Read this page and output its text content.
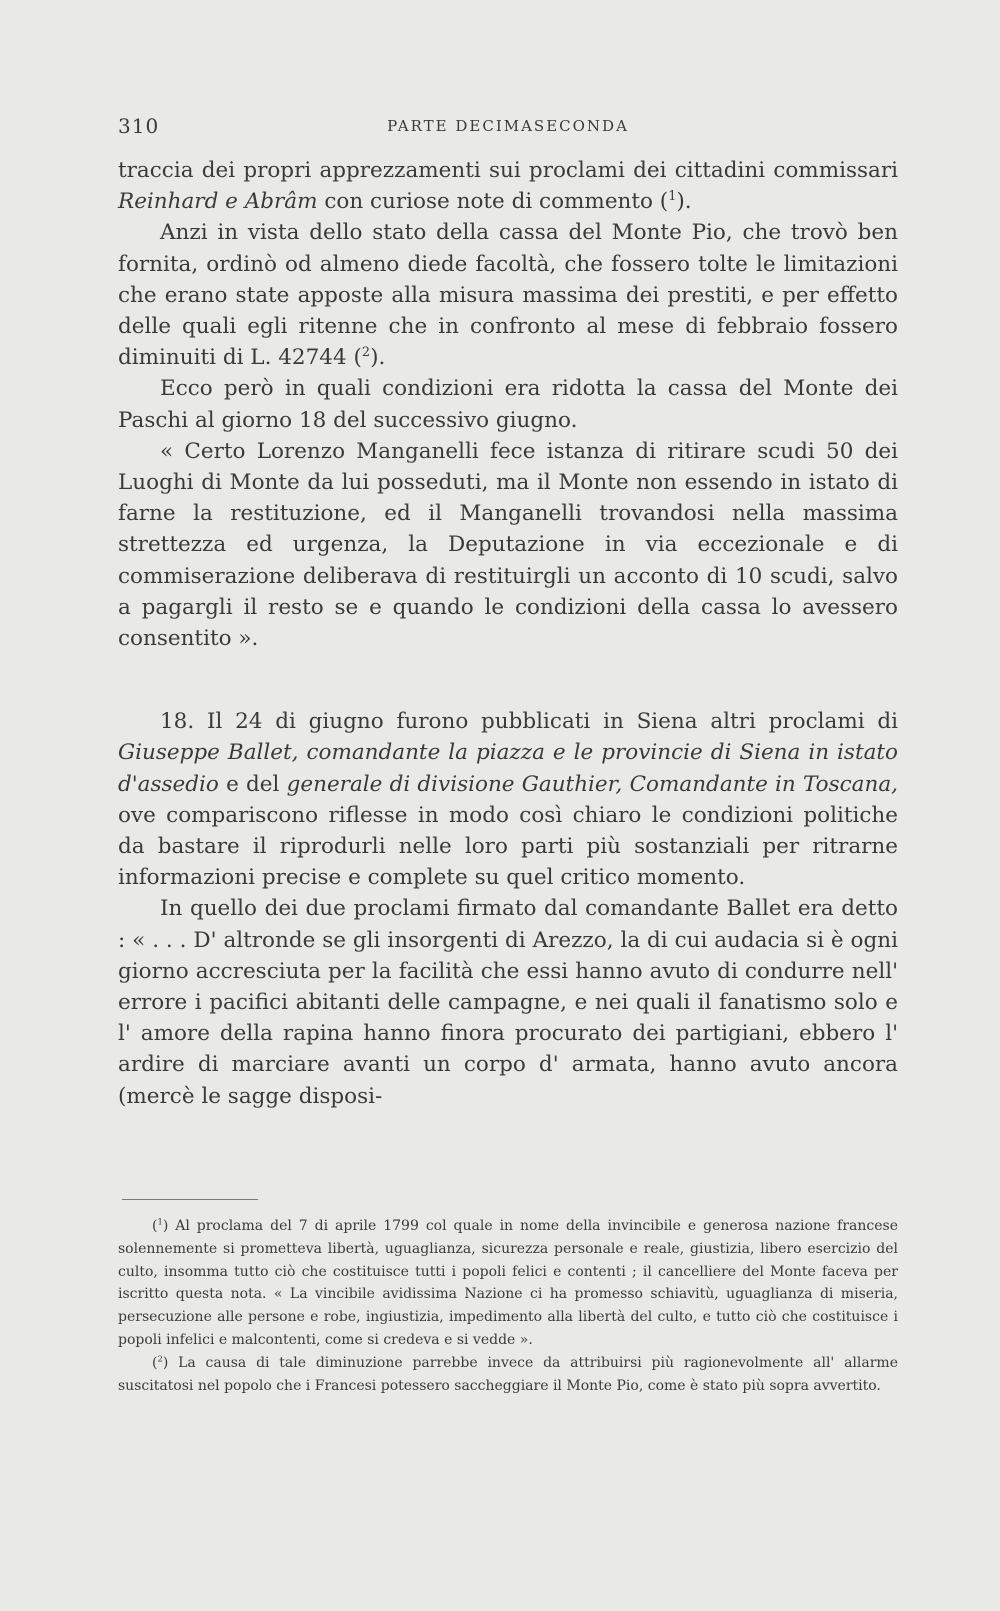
310	PARTE DECIMASECONDA

traccia dei propri apprezzamenti sui proclami dei cittadini commissari Reinhard e Abrâm con curiose note di commento ($^1$).

Anzi in vista dello stato della cassa del Monte Pio, che trovò ben fornita, ordinò od almeno diede facoltà, che fossero tolte le limitazioni che erano state apposte alla misura massima dei prestiti, e per effetto delle quali egli ritenne che in confronto al mese di febbraio fossero diminuiti di L. 42744 ($^2$).

Ecco però in quali condizioni era ridotta la cassa del Monte dei Paschi al giorno 18 del successivo giugno.

« Certo Lorenzo Manganelli fece istanza di ritirare scudi 50 dei Luoghi di Monte da lui posseduti, ma il Monte non essendo in istato di farne la restituzione, ed il Manganelli trovandosi nella massima strettezza ed urgenza, la Deputazione in via eccezionale e di commiserazione deliberava di restituirgli un acconto di 10 scudi, salvo a pagargli il resto se e quando le condizioni della cassa lo avessero consentito ».

18. Il 24 di giugno furono pubblicati in Siena altri proclami di Giuseppe Ballet, comandante la piazza e le provincie di Siena in istato d'assedio e del generale di divisione Gauthier, Comandante in Toscana, ove compariscono riflesse in modo così chiaro le condizioni politiche da bastare il riprodurli nelle loro parti più sostanziali per ritrarne informazioni precise e complete su quel critico momento.

In quello dei due proclami firmato dal comandante Ballet era detto : « . . . D' altronde se gli insorgenti di Arezzo, la di cui audacia si è ogni giorno accresciuta per la facilità che essi hanno avuto di condurre nell' errore i pacifici abitanti delle campagne, e nei quali il fanatismo solo e l' amore della rapina hanno finora procurato dei partigiani, ebbero l' ardire di marciare avanti un corpo d' armata, hanno avuto ancora (mercè le sagge disposi-

($^1$) Al proclama del 7 di aprile 1799 col quale in nome della invincibile e generosa nazione francese solennemente si prometteva libertà, uguaglianza, sicurezza personale e reale, giustizia, libero esercizio del culto, insomma tutto ciò che costituisce tutti i popoli felici e contenti ; il cancelliere del Monte faceva per iscritto questa nota. « La vincibile avidissima Nazione ci ha promesso schiavitù, uguaglianza di miseria, persecuzione alle persone e robe, ingiustizia, impedimento alla libertà del culto, e tutto ciò che costituisce i popoli infelici e malcontenti, come si credeva e si vedde ».

($^2$) La causa di tale diminuzione parrebbe invece da attribuirsi più ragionevolmente all' allarme suscitatosi nel popolo che i Francesi potessero saccheggiare il Monte Pio, come è stato più sopra avvertito.
